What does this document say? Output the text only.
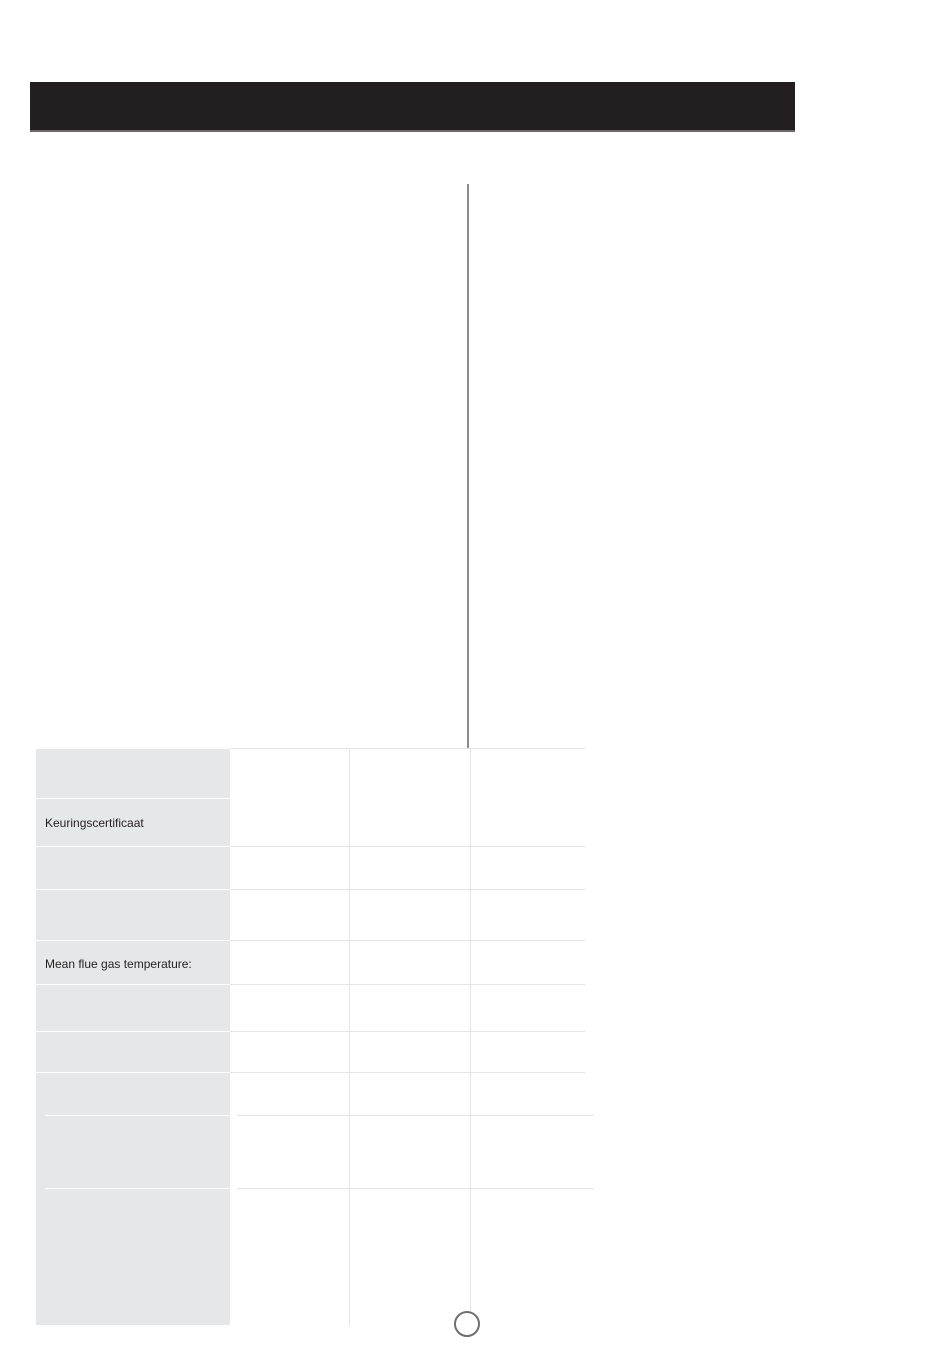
Keuringscertificaat
Mean flue gas temperature:
